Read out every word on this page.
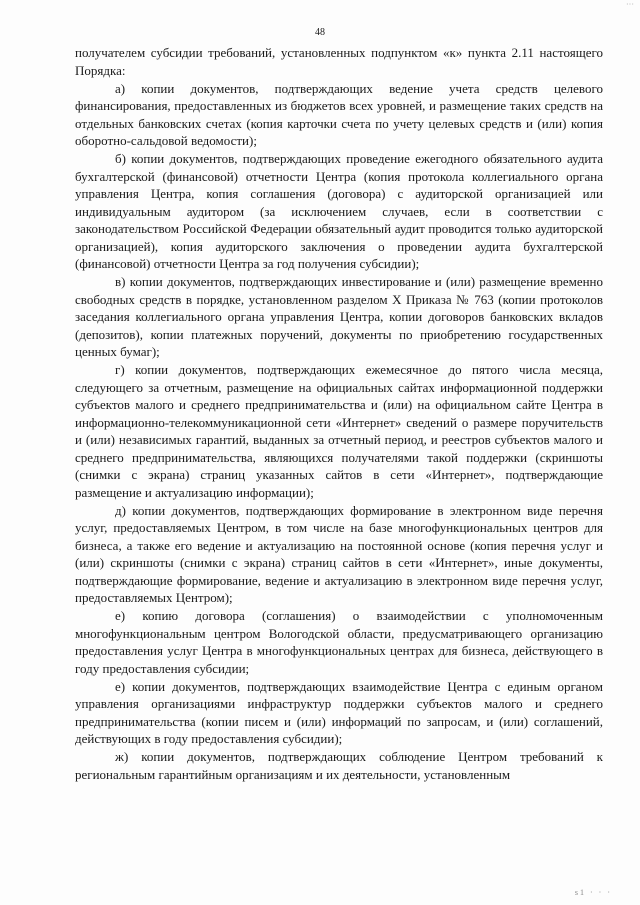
···
48

получателем субсидии требований, установленных подпунктом «к» пункта 2.11 настоящего Порядка:

а) копии документов, подтверждающих ведение учета средств целевого финансирования, предоставленных из бюджетов всех уровней, и размещение таких средств на отдельных банковских счетах (копия карточки счета по учету целевых средств и (или) копия оборотно-сальдовой ведомости);

б) копии документов, подтверждающих проведение ежегодного обязательного аудита бухгалтерской (финансовой) отчетности Центра (копия протокола коллегиального органа управления Центра, копия соглашения (договора) с аудиторской организацией или индивидуальным аудитором (за исключением случаев, если в соответствии с законодательством Российской Федерации обязательный аудит проводится только аудиторской организацией), копия аудиторского заключения о проведении аудита бухгалтерской (финансовой) отчетности Центра за год получения субсидии);

в) копии документов, подтверждающих инвестирование и (или) размещение временно свободных средств в порядке, установленном разделом X Приказа № 763 (копии протоколов заседания коллегиального органа управления Центра, копии договоров банковских вкладов (депозитов), копии платежных поручений, документы по приобретению государственных ценных бумаг);

г) копии документов, подтверждающих ежемесячное до пятого числа месяца, следующего за отчетным, размещение на официальных сайтах информационной поддержки субъектов малого и среднего предпринимательства и (или) на официальном сайте Центра в информационно-телекоммуникационной сети «Интернет» сведений о размере поручительств и (или) независимых гарантий, выданных за отчетный период, и реестров субъектов малого и среднего предпринимательства, являющихся получателями такой поддержки (скриншоты (снимки с экрана) страниц указанных сайтов в сети «Интернет», подтверждающие размещение и актуализацию информации);

д) копии документов, подтверждающих формирование в электронном виде перечня услуг, предоставляемых Центром, в том числе на базе многофункциональных центров для бизнеса, а также его ведение и актуализацию на постоянной основе (копия перечня услуг и (или) скриншоты (снимки с экрана) страниц сайтов в сети «Интернет», иные документы, подтверждающие формирование, ведение и актуализацию в электронном виде перечня услуг, предоставляемых Центром);

е) копию договора (соглашения) о взаимодействии с уполномоченным многофункциональным центром Вологодской области, предусматривающего организацию предоставления услуг Центра в многофункциональных центрах для бизнеса, действующего в году предоставления субсидии;

е) копии документов, подтверждающих взаимодействие Центра с единым органом управления организациями инфраструктур поддержки субъектов малого и среднего предпринимательства (копии писем и (или) информаций по запросам, и (или) соглашений, действующих в году предоставления субсидии);

ж) копии документов, подтверждающих соблюдение Центром требований к региональным гарантийным организациям и их деятельности, установленным

s1 · · ·
